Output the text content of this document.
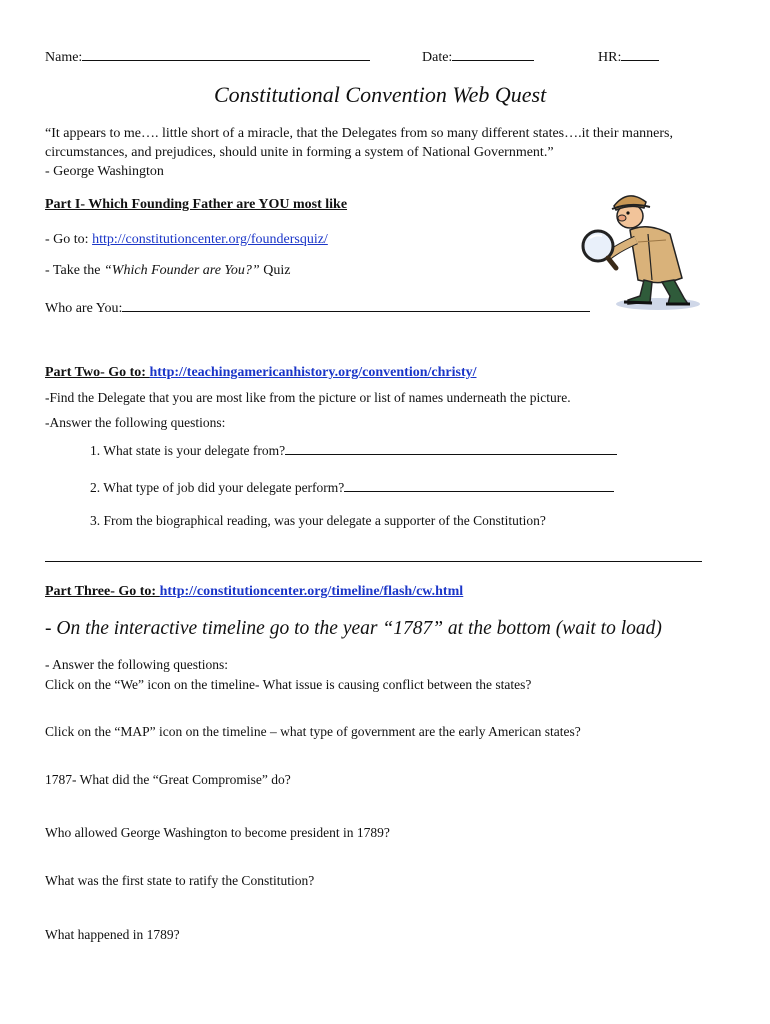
Name:	Date:	HR:
Constitutional Convention Web Quest
“It appears to me…. little short of a miracle, that the Delegates from so many different states….it their manners,
circumstances, and prejudices, should unite in forming a system of National Government.”
- George Washington
Part I- Which Founding Father are YOU most like
- Go to: http://constitutioncenter.org/foundersquiz/
- Take the “Which Founder are You?” Quiz
Who are You:
Part Two- Go to: http://teachingamericanhistory.org/convention/christy/
-Find the Delegate that you are most like from the picture or list of names underneath the picture.
-Answer the following questions:
1. What state is your delegate from?
2. What type of job did your delegate perform?
3. From the biographical reading, was your delegate a supporter of the Constitution?
Part Three- Go to: http://constitutioncenter.org/timeline/flash/cw.html
- On the interactive timeline go to the year “1787” at the bottom (wait to load)
- Answer the following questions:
Click on the “We” icon on the timeline- What issue is causing conflict between the states?
Click on the “MAP” icon on the timeline – what type of government are the early American states?
1787- What did the “Great Compromise” do?
Who allowed George Washington to become president in 1789?
What was the first state to ratify the Constitution?
What happened in 1789?
